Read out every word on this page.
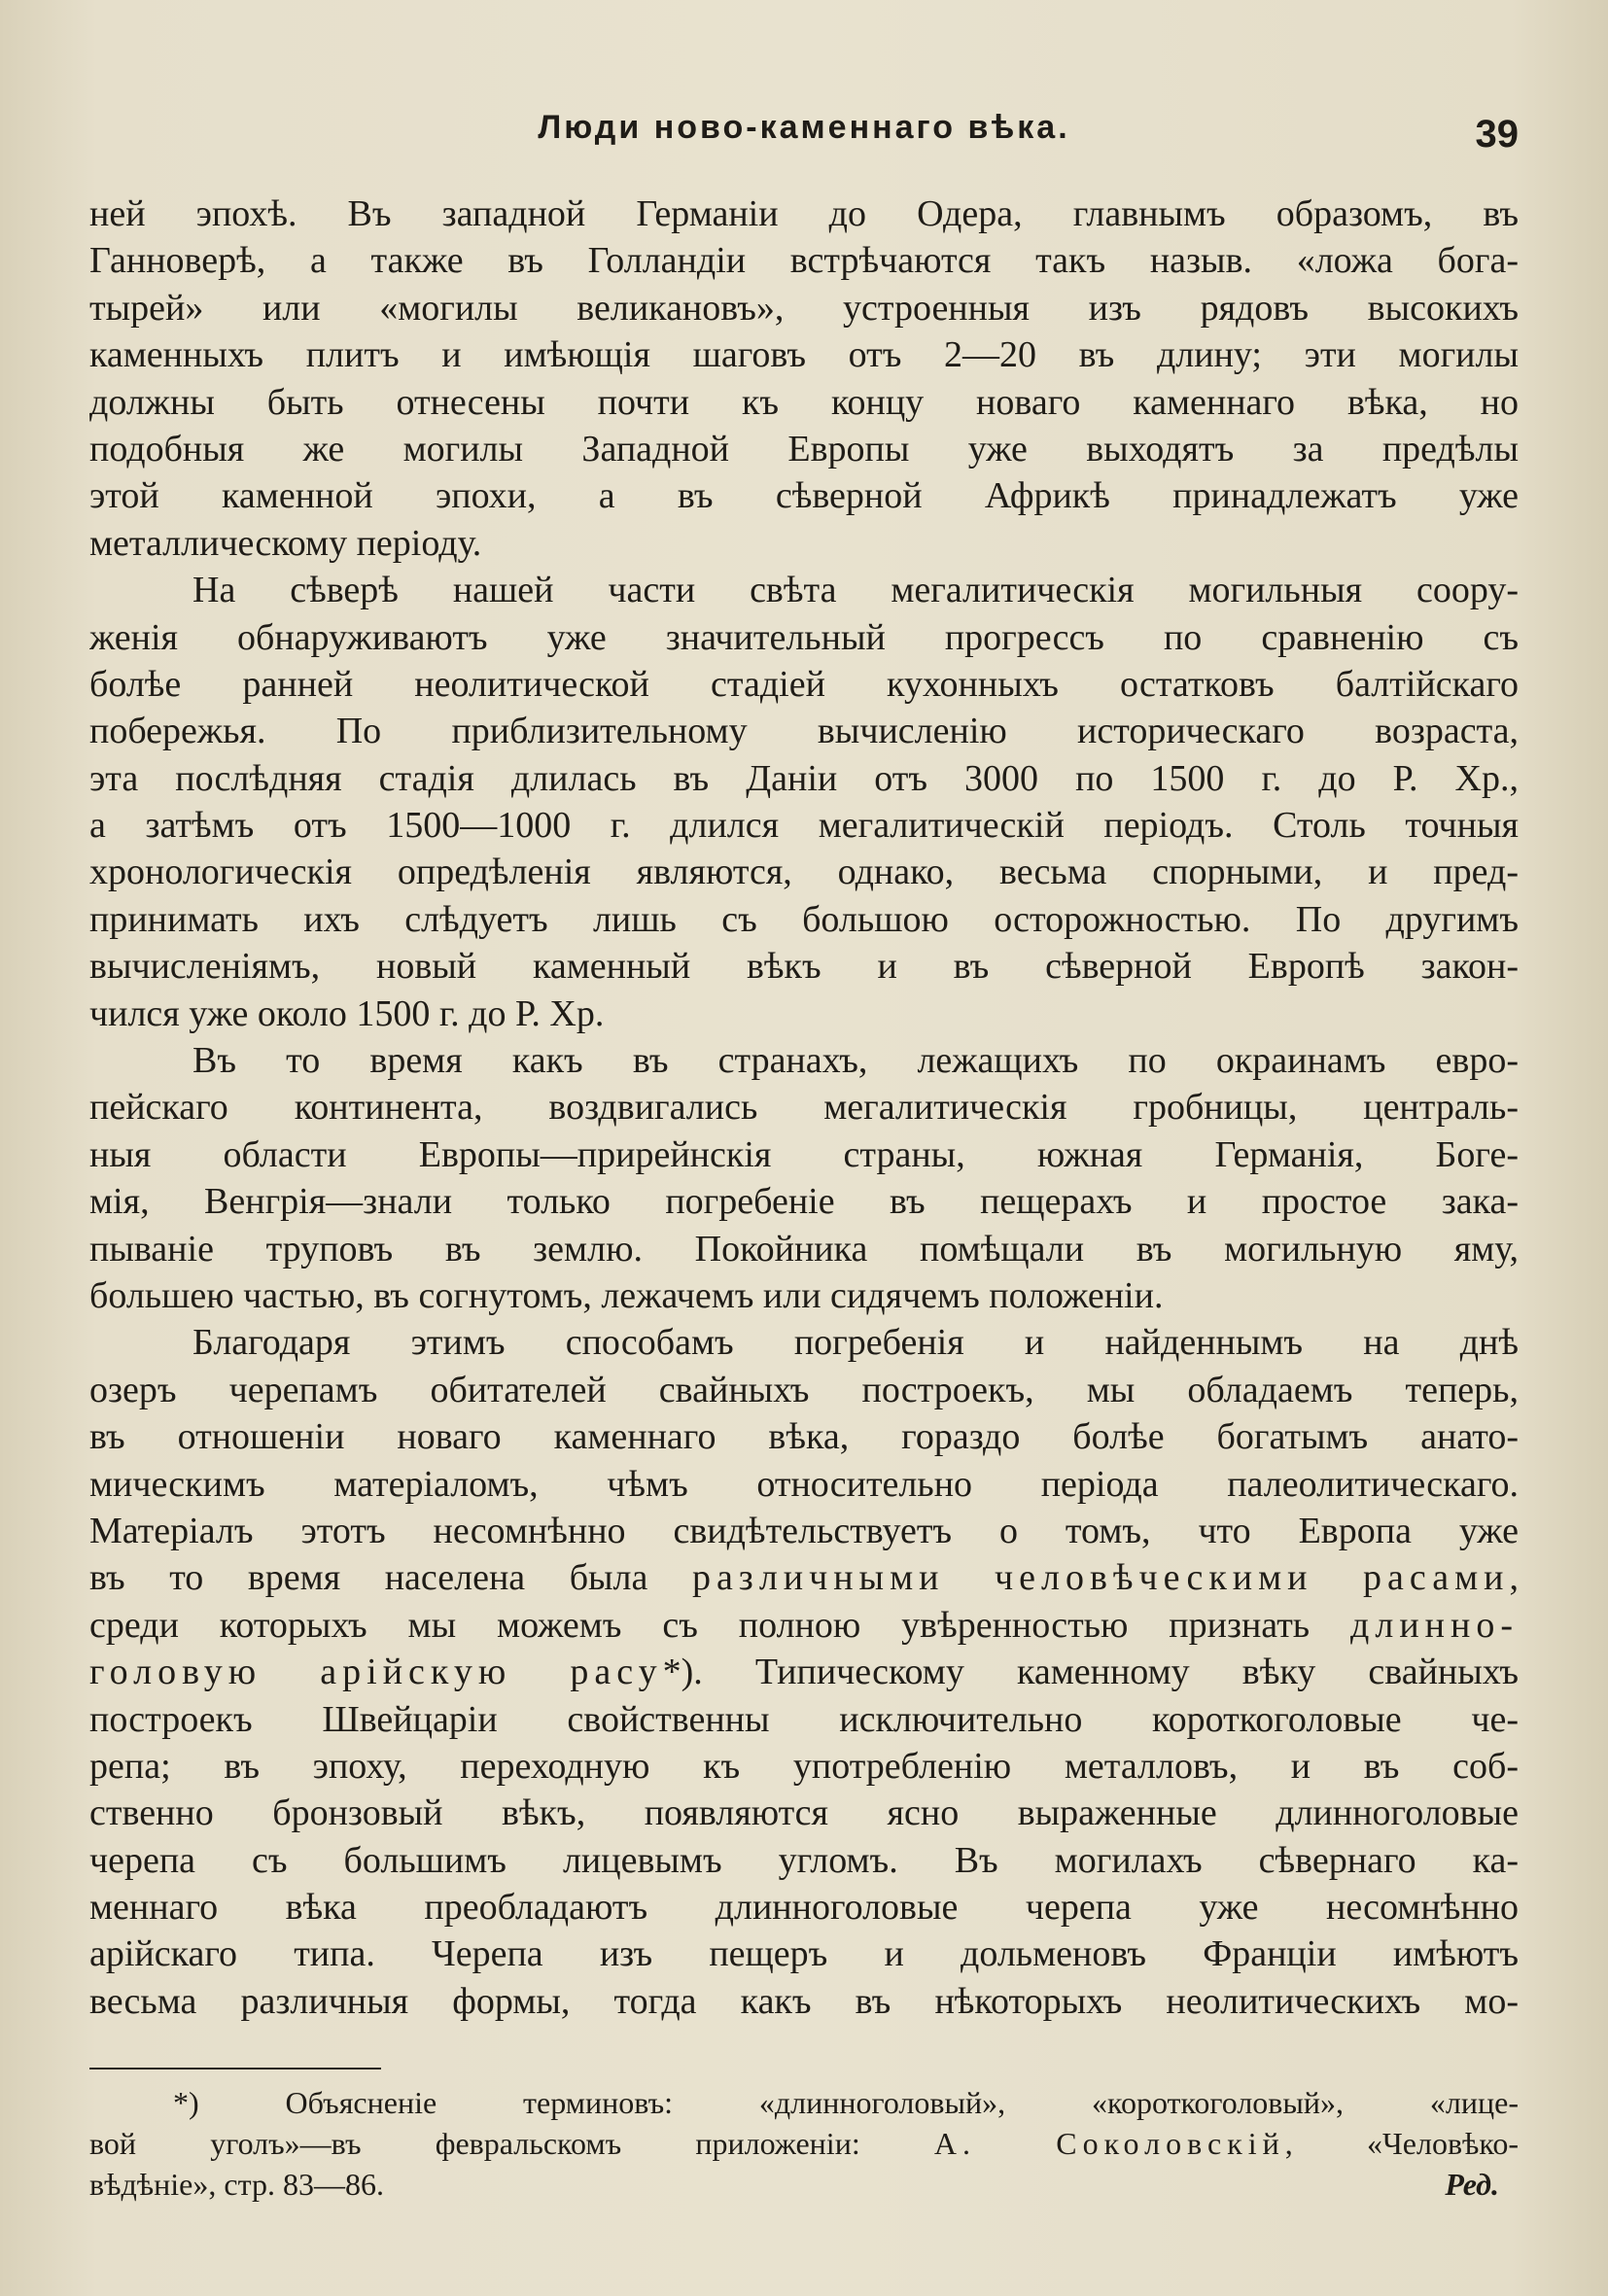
Люди ново-каменнаго вѣка.	39
ней эпохѣ. Въ западной Германіи до Одера, главнымъ образомъ, въ
Ганноверѣ, а также въ Голландіи встрѣчаются такъ назыв. «ложа бога-
тырей» или «могилы великановъ», устроенныя изъ рядовъ высокихъ
каменныхъ плитъ и имѣющія шаговъ отъ 2—20 въ длину; эти могилы
должны быть отнесены почти къ концу новаго каменнаго вѣка, но
подобныя же могилы Западной Европы уже выходятъ за предѣлы
этой каменной эпохи, а въ сѣверной Африкѣ принадлежатъ уже
металлическому періоду.
На сѣверѣ нашей части свѣта мегалитическія могильныя соору-
женія обнаруживаютъ уже значительный прогрессъ по сравненію съ
болѣе ранней неолитической стадіей кухонныхъ остатковъ балтійскаго
побережья. По приблизительному вычисленію историческаго возраста,
эта послѣдняя стадія длилась въ Даніи отъ 3000 по 1500 г. до Р. Хр.,
а затѣмъ отъ 1500—1000 г. длился мегалитическій періодъ. Столь точныя
хронологическія опредѣленія являются, однако, весьма спорными, и пред-
принимать ихъ слѣдуетъ лишь съ большою осторожностью. По другимъ
вычисленіямъ, новый каменный вѣкъ и въ сѣверной Европѣ закон-
чился уже около 1500 г. до Р. Хр.
Въ то время какъ въ странахъ, лежащихъ по окраинамъ евро-
пейскаго континента, воздвигались мегалитическія гробницы, централь-
ныя области Европы—прирейнскія страны, южная Германія, Боге-
мія, Венгрія—знали только погребеніе въ пещерахъ и простое зака-
пываніе труповъ въ землю. Покойника помѣщали въ могильную яму,
большею частью, въ согнутомъ, лежачемъ или сидячемъ положеніи.
Благодаря этимъ способамъ погребенія и найденнымъ на днѣ
озеръ черепамъ обитателей свайныхъ построекъ, мы обладаемъ теперь,
въ отношеніи новаго каменнаго вѣка, гораздо болѣе богатымъ анато-
мическимъ матеріаломъ, чѣмъ относительно періода палеолитическаго.
Матеріалъ этотъ несомнѣнно свидѣтельствуетъ о томъ, что Европа уже
въ то время населена была различными человѣческими расами,
среди которыхъ мы можемъ съ полною увѣренностью признать длинно-
головую арійскую расу*). Типическому каменному вѣку свайныхъ
построекъ Швейцаріи свойственны исключительно короткоголовые че-
репа; въ эпоху, переходную къ употребленію металловъ, и въ соб-
ственно бронзовый вѣкъ, появляются ясно выраженные длинноголовые
черепа съ большимъ лицевымъ угломъ. Въ могилахъ сѣвернаго ка-
меннаго вѣка преобладаютъ длинноголовые черепа уже несомнѣнно
арійскаго типа. Черепа изъ пещеръ и дольменовъ Франціи имѣютъ
весьма различныя формы, тогда какъ въ нѣкоторыхъ неолитическихъ мо-
*) Объясненіе терминовъ: «длинноголовый», «короткоголовый», «лице-
вой уголъ»—въ февральскомъ приложеніи: А. Соколовскій, «Человѣко-
вѣдѣніе», стр. 83—86.	Ред.
